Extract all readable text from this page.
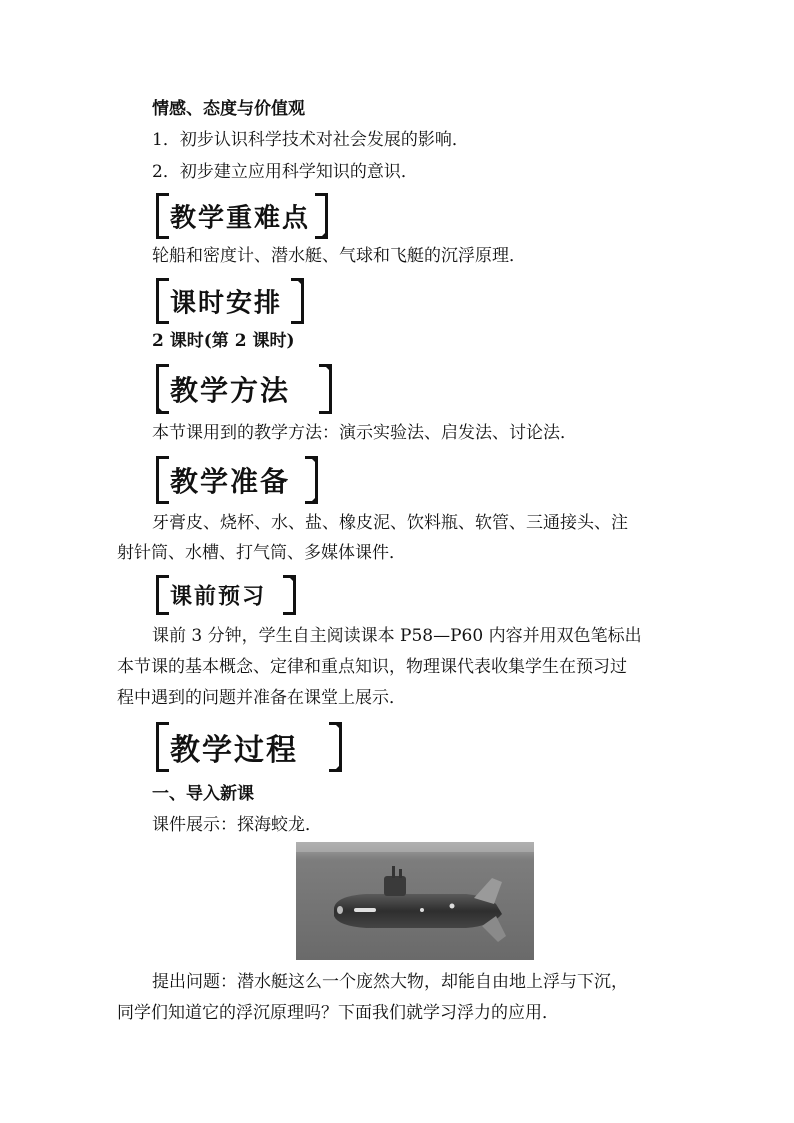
情感、态度与价值观
1．初步认识科学技术对社会发展的影响．
2．初步建立应用科学知识的意识．
教学重难点
轮船和密度计、潜水艇、气球和飞艇的沉浮原理．
课时安排
2 课时(第 2 课时)
教学方法
本节课用到的教学方法：演示实验法、启发法、讨论法．
教学准备
牙膏皮、烧杯、水、盐、橡皮泥、饮料瓶、软管、三通接头、注
射针筒、水槽、打气筒、多媒体课件．
课前预习
课前 3 分钟，学生自主阅读课本 P58—P60 内容并用双色笔标出
本节课的基本概念、定律和重点知识，物理课代表收集学生在预习过
程中遇到的问题并准备在课堂上展示．
教学过程
一、导入新课
课件展示：探海蛟龙．
提出问题：潜水艇这么一个庞然大物，却能自由地上浮与下沉，
同学们知道它的浮沉原理吗？下面我们就学习浮力的应用．
